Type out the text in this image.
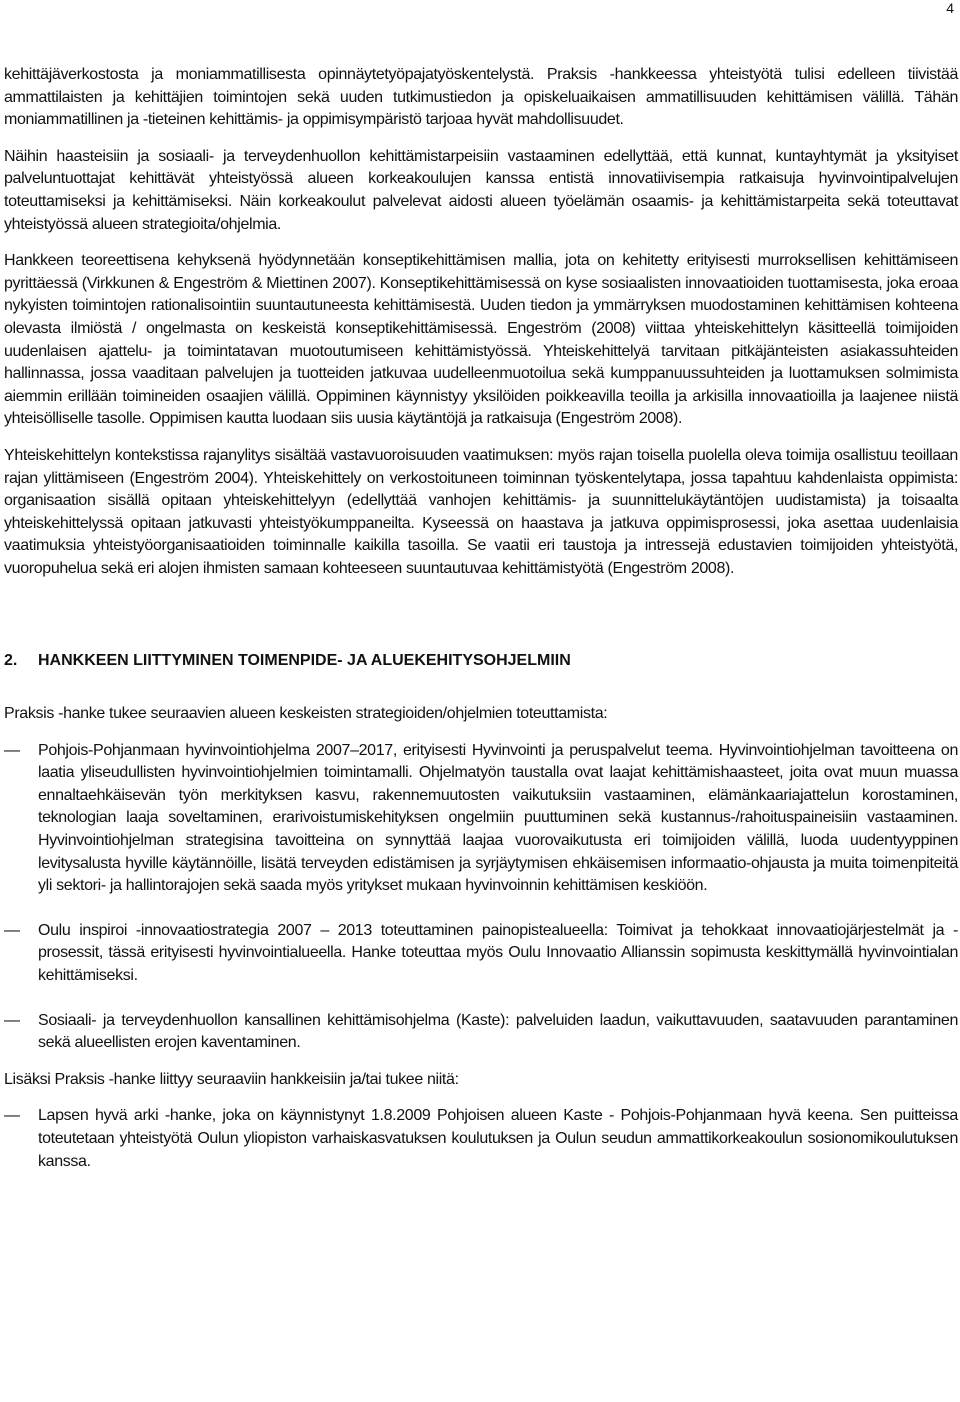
4

kehittäjäverkostosta ja moniammatillisesta opinnäytetyöpajatyöskentelystä. Praksis -hankkeessa yhteistyötä tulisi edelleen tiivistää ammattilaisten ja kehittäjien toimintojen sekä uuden tutkimustiedon ja opiskeluaikaisen ammatillisuuden kehittämisen välillä. Tähän moniammatillinen ja -tieteinen kehittämis- ja oppimisympäristö tarjoaa hyvät mahdollisuudet.

Näihin haasteisiin ja sosiaali- ja terveydenhuollon kehittämistarpeisiin vastaaminen edellyttää, että kunnat, kuntayhtymät ja yksityiset palveluntuottajat kehittävät yhteistyössä alueen korkeakoulujen kanssa entistä innovatiivisempia ratkaisuja hyvinvointipalvelujen toteuttamiseksi ja kehittämiseksi. Näin korkeakoulut palvelevat aidosti alueen työelämän osaamis- ja kehittämistarpeita sekä toteuttavat yhteistyössä alueen strategioita/ohjelmia.

Hankkeen teoreettisena kehyksenä hyödynnetään konseptikehittämisen mallia, jota on kehitetty erityisesti murroksellisen kehittämiseen pyrittäessä (Virkkunen & Engeström & Miettinen 2007). Konseptikehittämisessä on kyse sosiaalisten innovaatioiden tuottamisesta, joka eroaa nykyisten toimintojen rationalisointiin suuntautuneesta kehittämisestä. Uuden tiedon ja ymmärryksen muodostaminen kehittämisen kohteena olevasta ilmiöstä / ongelmasta on keskeistä konseptikehittämisessä. Engeström (2008) viittaa yhteiskehittelyn käsitteellä toimijoiden uudenlaisen ajattelu- ja toimintatavan muotoutumiseen kehittämistyössä. Yhteiskehittelyä tarvitaan pitkäjänteisten asiakassuhteiden hallinnassa, jossa vaaditaan palvelujen ja tuotteiden jatkuvaa uudelleenmuotoilua sekä kumppanuussuhteiden ja luottamuksen solmimista aiemmin erillään toimineiden osaajien välillä. Oppiminen käynnistyy yksilöiden poikkeavilla teoilla ja arkisilla innovaatioilla ja laajenee niistä yhteisölliselle tasolle. Oppimisen kautta luodaan siis uusia käytäntöjä ja ratkaisuja (Engeström 2008).

Yhteiskehittelyn kontekstissa rajanylitys sisältää vastavuoroisuuden vaatimuksen: myös rajan toisella puolella oleva toimija osallistuu teoillaan rajan ylittämiseen (Engeström 2004). Yhteiskehittely on verkostoituneen toiminnan työskentelytapa, jossa tapahtuu kahdenlaista oppimista: organisaation sisällä opitaan yhteiskehittelyyn (edellyttää vanhojen kehittämis- ja suunnittelukäytäntöjen uudistamista) ja toisaalta yhteiskehittelyssä opitaan jatkuvasti yhteistyökumppaneilta. Kyseessä on haastava ja jatkuva oppimisprosessi, joka asettaa uudenlaisia vaatimuksia yhteistyöorganisaatioiden toiminnalle kaikilla tasoilla. Se vaatii eri taustoja ja intressejä edustavien toimijoiden yhteistyötä, vuoropuhelua sekä eri alojen ihmisten samaan kohteeseen suuntautuvaa kehittämistyötä (Engeström 2008).

2. HANKKEEN LIITTYMINEN TOIMENPIDE- JA ALUEKEHITYSOHJELMIIN

Praksis -hanke tukee seuraavien alueen keskeisten strategioiden/ohjelmien toteuttamista:

— Pohjois-Pohjanmaan hyvinvointiohjelma 2007–2017, erityisesti Hyvinvointi ja peruspalvelut teema. Hyvinvointiohjelman tavoitteena on laatia yliseudullisten hyvinvointiohjelmien toimintamalli. Ohjelmatyön taustalla ovat laajat kehittämishaasteet, joita ovat muun muassa ennaltaehkäisevän työn merkityksen kasvu, rakennemuutosten vaikutuksiin vastaaminen, elämänkaariajattelun korostaminen, teknologian laaja soveltaminen, erarivoistumiskehityksen ongelmiin puuttuminen sekä kustannus-/rahoituspaineisiin vastaaminen. Hyvinvointiohjelman strategisina tavoitteina on synnyttää laajaa vuorovaikutusta eri toimijoiden välillä, luoda uudentyyppinen levitysalusta hyville käytännöille, lisätä terveyden edistämisen ja syrjäytymisen ehkäisemisen informaatio-ohjausta ja muita toimenpiteitä yli sektori- ja hallintorajojen sekä saada myös yritykset mukaan hyvinvoinnin kehittämisen keskiöön.
— Oulu inspiroi -innovaatiostrategia 2007 – 2013 toteuttaminen painopistealueella: Toimivat ja tehokkaat innovaatiojärjestelmät ja -prosessit, tässä erityisesti hyvinvointialueella. Hanke toteuttaa myös Oulu Innovaatio Allianssin sopimusta keskittymällä hyvinvointialan kehittämiseksi.
— Sosiaali- ja terveydenhuollon kansallinen kehittämisohjelma (Kaste): palveluiden laadun, vaikuttavuuden, saatavuuden parantaminen sekä alueellisten erojen kaventaminen.

Lisäksi Praksis -hanke liittyy seuraaviin hankkeisiin ja/tai tukee niitä:

— Lapsen hyvä arki -hanke, joka on käynnistynyt 1.8.2009 Pohjoisen alueen Kaste - Pohjois-Pohjanmaan hyvä keena. Sen puitteissa toteutetaan yhteistyötä Oulun yliopiston varhaiskasvatuksen koulutuksen ja Oulun seudun ammattikorkeakoulun sosionomikoulutuksen kanssa.
